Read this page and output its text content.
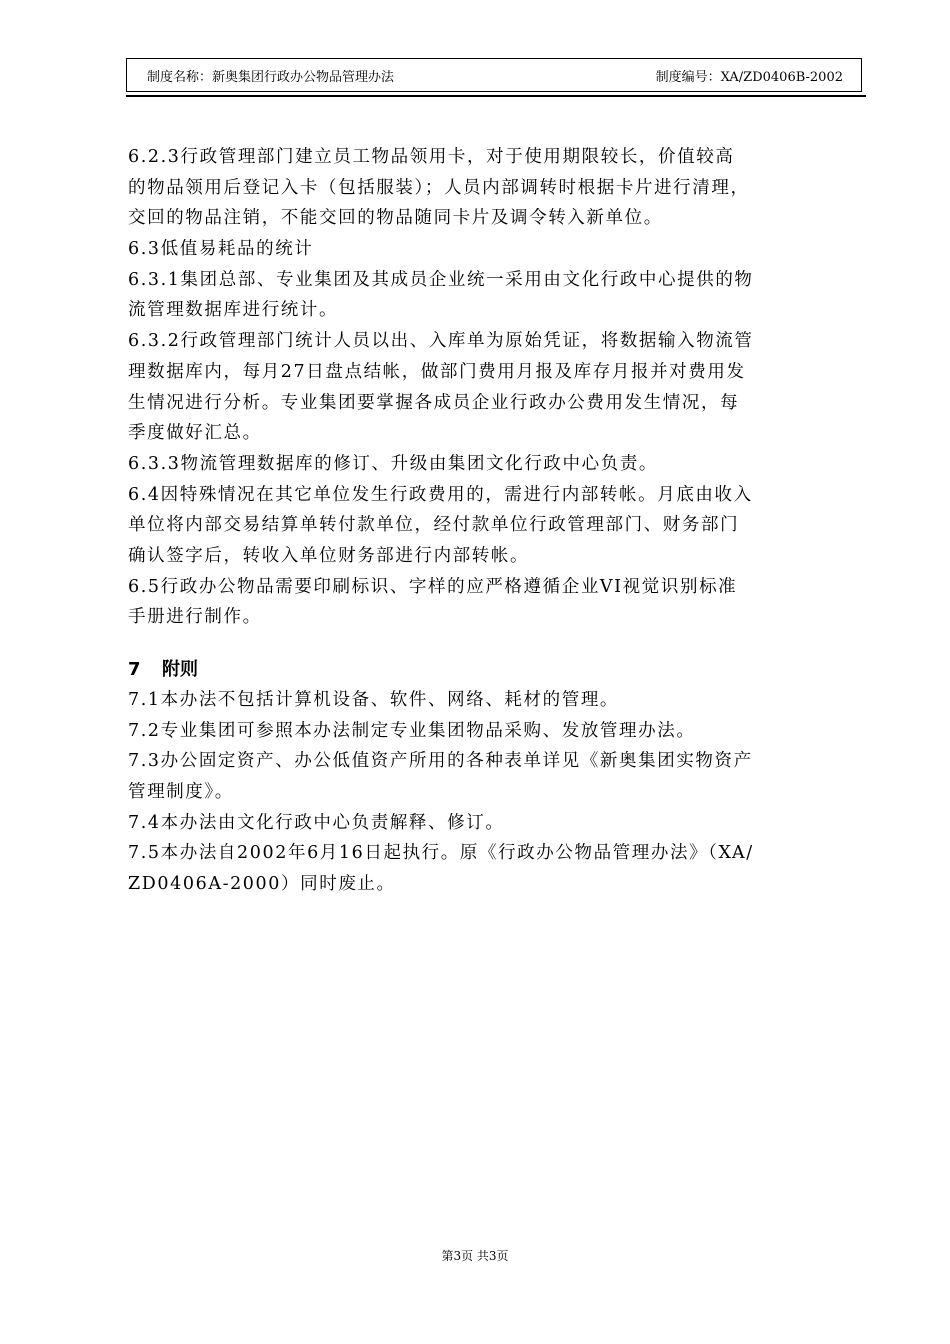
制度名称：新奥集团行政办公物品管理办法	制度编号：XA/ZD0406B-2002
6.2.3行政管理部门建立员工物品领用卡，对于使用期限较长，价值较高
的物品领用后登记入卡（包括服装）；人员内部调转时根据卡片进行清理，
交回的物品注销，不能交回的物品随同卡片及调令转入新单位。
6.3低值易耗品的统计
6.3.1集团总部、专业集团及其成员企业统一采用由文化行政中心提供的物
流管理数据库进行统计。
6.3.2行政管理部门统计人员以出、入库单为原始凭证，将数据输入物流管
理数据库内，每月27日盘点结帐，做部门费用月报及库存月报并对费用发
生情况进行分析。专业集团要掌握各成员企业行政办公费用发生情况，每
季度做好汇总。
6.3.3物流管理数据库的修订、升级由集团文化行政中心负责。
6.4因特殊情况在其它单位发生行政费用的，需进行内部转帐。月底由收入
单位将内部交易结算单转付款单位，经付款单位行政管理部门、财务部门
确认签字后，转收入单位财务部进行内部转帐。
6.5行政办公物品需要印刷标识、字样的应严格遵循企业VI视觉识别标准
手册进行制作。
7 附则
7.1本办法不包括计算机设备、软件、网络、耗材的管理。
7.2专业集团可参照本办法制定专业集团物品采购、发放管理办法。
7.3办公固定资产、办公低值资产所用的各种表单详见《新奥集团实物资产
管理制度》。
7.4本办法由文化行政中心负责解释、修订。
7.5本办法自2002年6月16日起执行。原《行政办公物品管理办法》（XA/
ZD0406A-2000）同时废止。
第3页 共3页
